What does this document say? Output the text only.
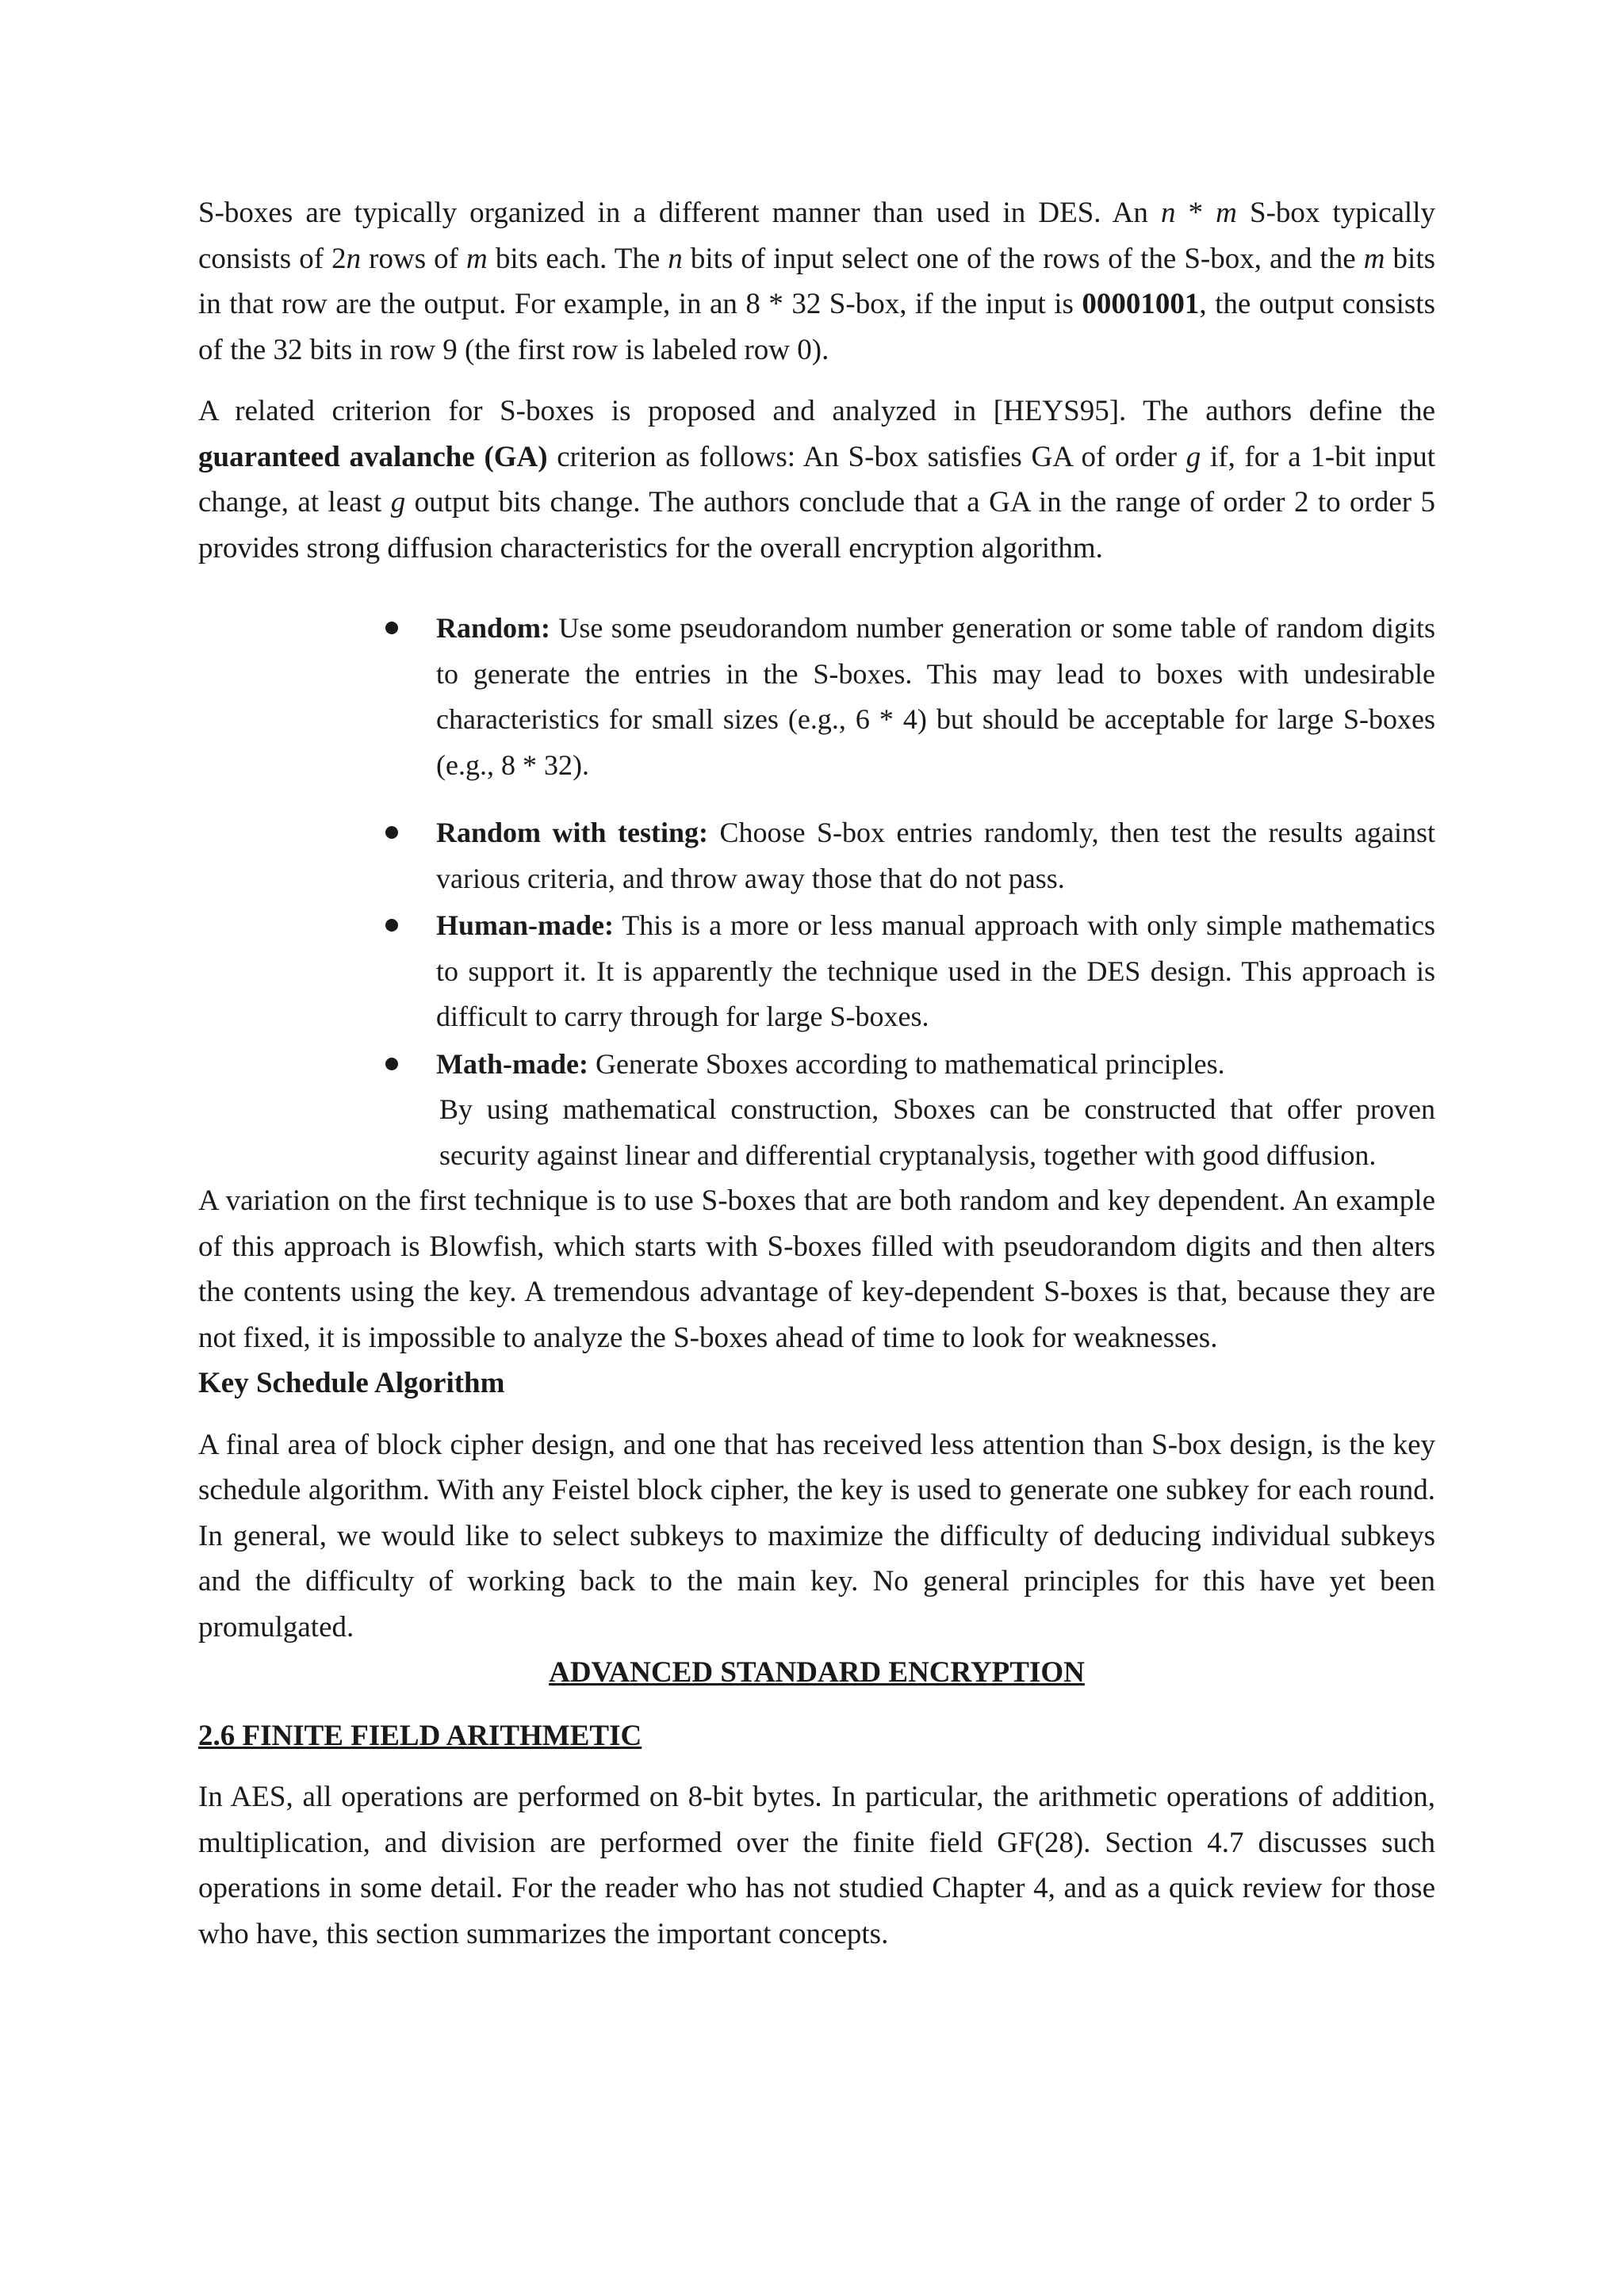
S-boxes are typically organized in a different manner than used in DES. An n * m S-box typically consists of 2n rows of m bits each. The n bits of input select one of the rows of the S-box, and the m bits in that row are the output. For example, in an 8 * 32 S-box, if the input is 00001001, the output consists of the 32 bits in row 9 (the first row is labeled row 0).

A related criterion for S-boxes is proposed and analyzed in [HEYS95]. The authors define the guaranteed avalanche (GA) criterion as follows: An S-box satisfies GA of order g if, for a 1-bit input change, at least g output bits change. The authors conclude that a GA in the range of order 2 to order 5 provides strong diffusion characteristics for the overall encryption algorithm.

Random: Use some pseudorandom number generation or some table of random digits to generate the entries in the S-boxes. This may lead to boxes with undesirable characteristics for small sizes (e.g., 6 * 4) but should be acceptable for large S-boxes (e.g., 8 * 32).
Random with testing: Choose S-box entries randomly, then test the results against various criteria, and throw away those that do not pass.
Human-made: This is a more or less manual approach with only simple mathematics to support it. It is apparently the technique used in the DES design. This approach is difficult to carry through for large S-boxes.
Math-made: Generate Sboxes according to mathematical principles.
By using mathematical construction, Sboxes can be constructed that offer proven security against linear and differential cryptanalysis, together with good diffusion.

A variation on the first technique is to use S-boxes that are both random and key dependent. An example of this approach is Blowfish, which starts with S-boxes filled with pseudorandom digits and then alters the contents using the key. A tremendous advantage of key-dependent S-boxes is that, because they are not fixed, it is impossible to analyze the S-boxes ahead of time to look for weaknesses.

Key Schedule Algorithm

A final area of block cipher design, and one that has received less attention than S-box design, is the key schedule algorithm. With any Feistel block cipher, the key is used to generate one subkey for each round. In general, we would like to select subkeys to maximize the difficulty of deducing individual subkeys and the difficulty of working back to the main key. No general principles for this have yet been promulgated.

ADVANCED STANDARD ENCRYPTION

2.6 FINITE FIELD ARITHMETIC

In AES, all operations are performed on 8-bit bytes. In particular, the arithmetic operations of addition, multiplication, and division are performed over the finite field GF(28). Section 4.7 discusses such operations in some detail. For the reader who has not studied Chapter 4, and as a quick review for those who have, this section summarizes the important concepts.
